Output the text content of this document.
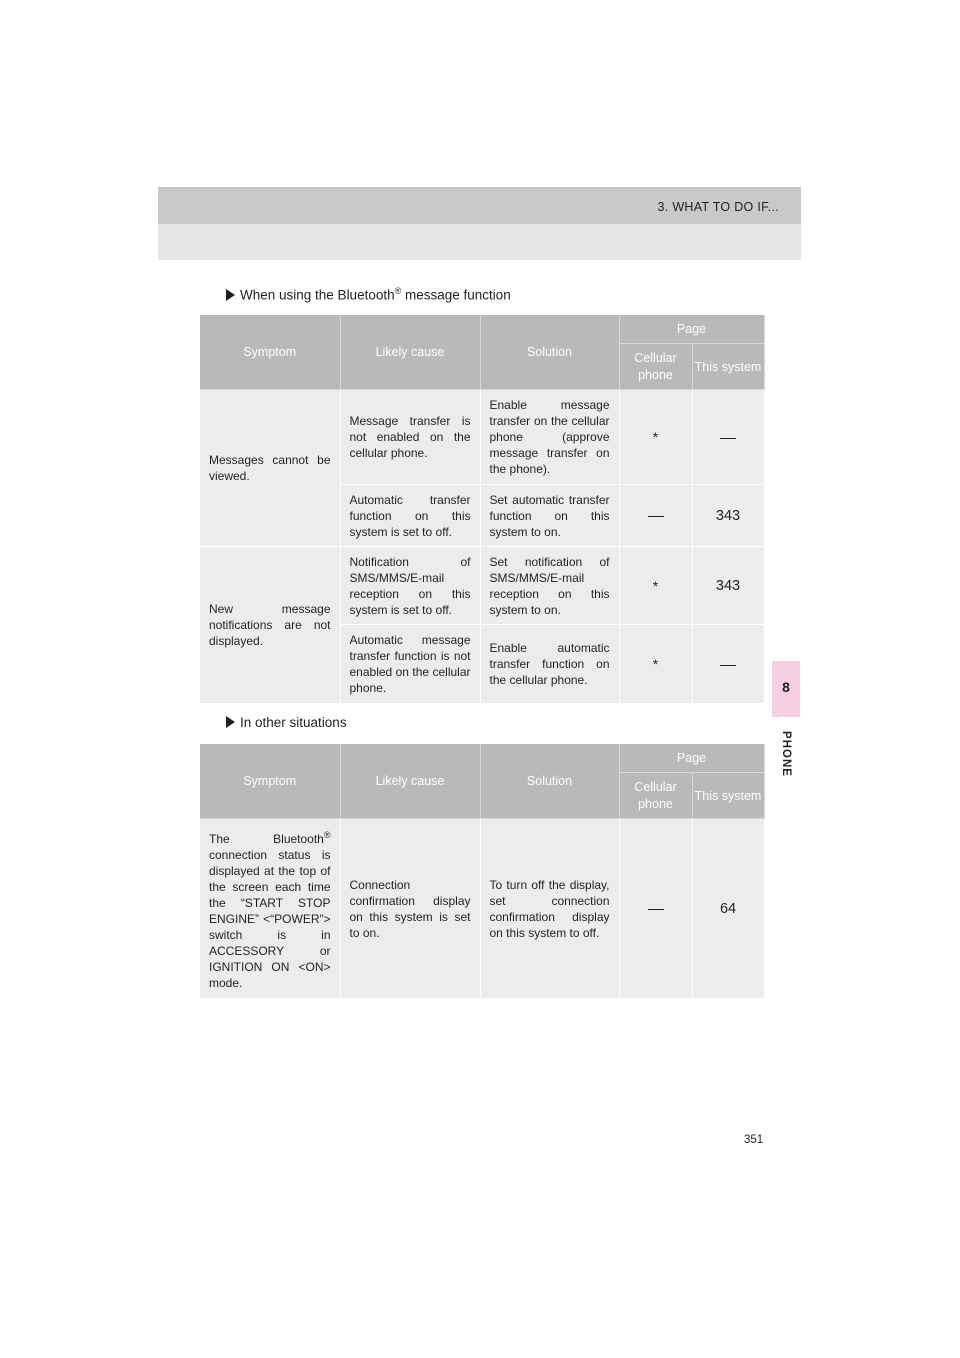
3. WHAT TO DO IF...
8
PHONE
When using the Bluetooth® message function
Symptom	Likely cause	Solution	Page	
			Cellular phone	This system
Messages cannot be viewed.	Message transfer is not enabled on the cellular phone.	Enable message transfer on the cellular phone (approve message transfer on the phone).	*	
	Automatic transfer function on this system is set to off.	Set automatic transfer function on this system to on.		343
New message notifications are not displayed.	Notification of SMS/MMS/E-mail reception on this system is set to off.	Set notification of SMS/MMS/E-mail reception on this system to on.	*	343
	Automatic message transfer function is not enabled on the cellular phone.	Enable automatic transfer function on the cellular phone.	*	
In other situations
Symptom	Likely cause	Solution	Page	
			Cellular phone	This system
The Bluetooth® connection status is displayed at the top of the screen each time the “START STOP ENGINE” <“POWER”> switch is in ACCESSORY or IGNITION ON <ON> mode.	Connection confirmation display on this system is set to on.	To turn off the display, set connection confirmation display on this system to off.		64
351
